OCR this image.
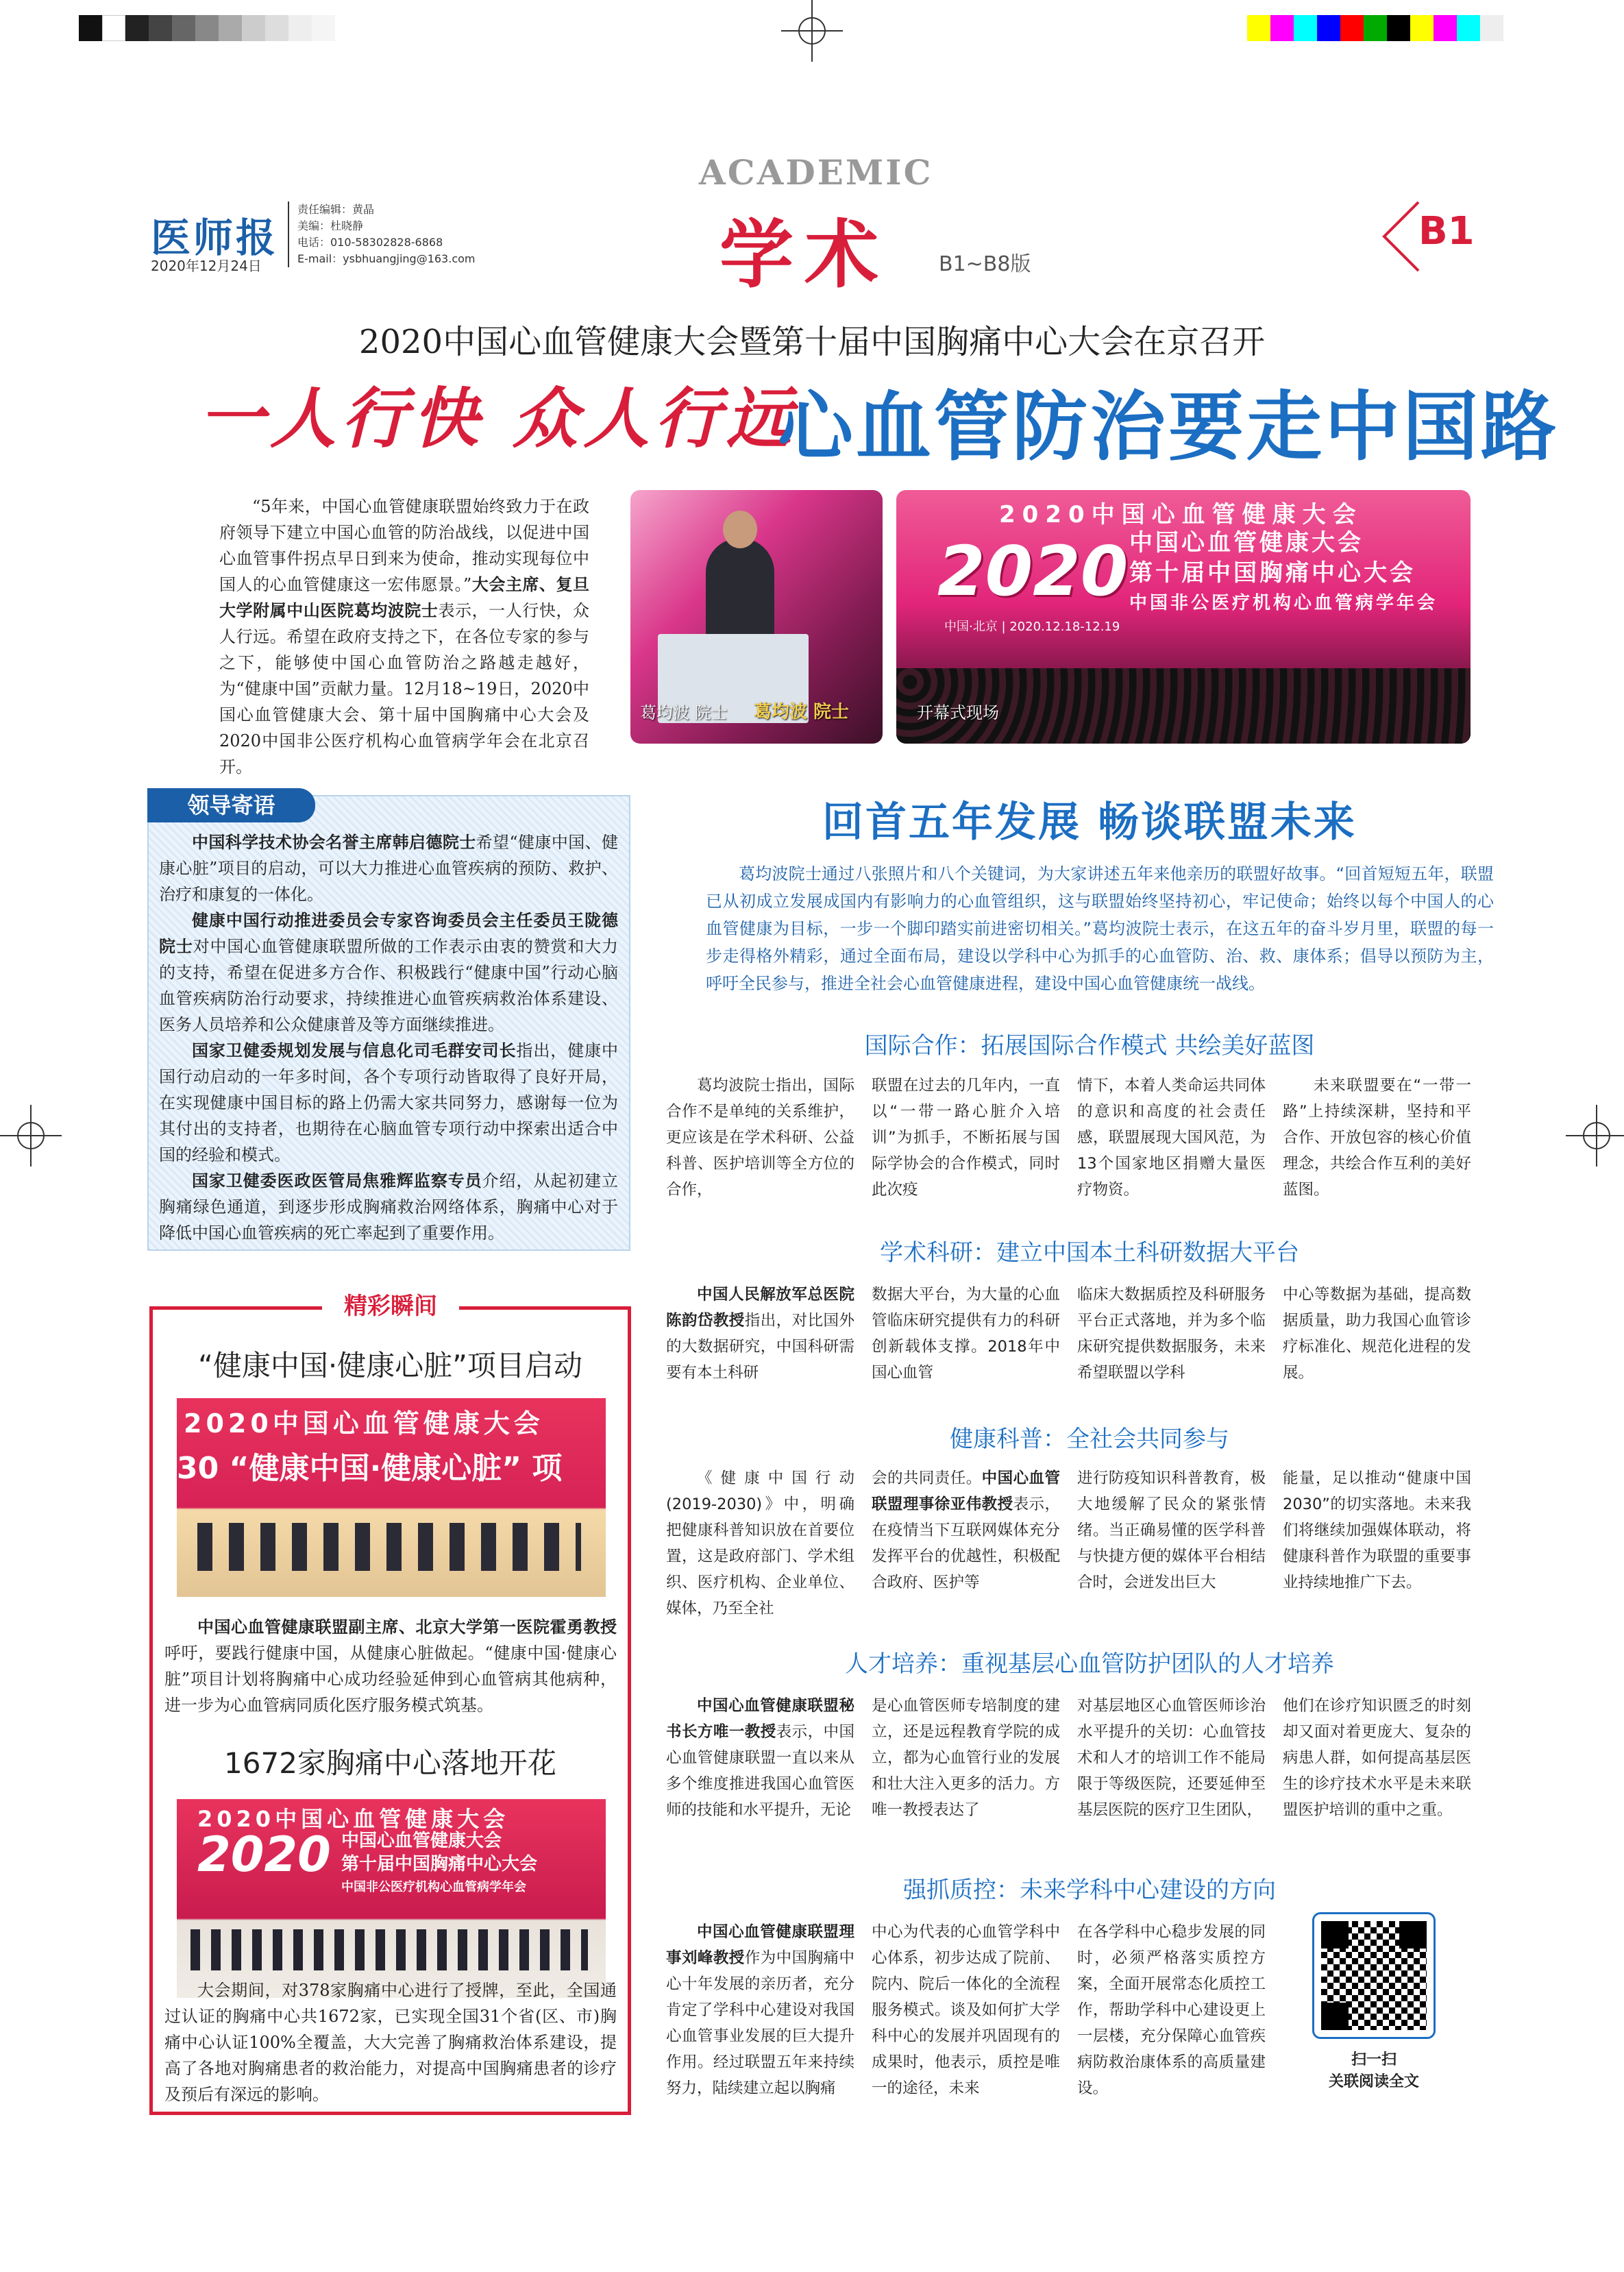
医师报
2020年12月24日
责任编辑：黄晶
美编：杜晓静
电话：010-58302828-6868
E-mail：ysbhuangjing@163.com
ACADEMIC
学术 B1~B8版
B1
2020中国心血管健康大会暨第十届中国胸痛中心大会在京召开
一人行快 众人行远
心血管防治要走中国路
“5年来，中国心血管健康联盟始终致力于在政府领导下建立中国心血管的防治战线，以促进中国心血管事件拐点早日到来为使命，推动实现每位中国人的心血管健康这一宏伟愿景。”大会主席、复旦大学附属中山医院葛均波院士表示，一人行快，众人行远。希望在政府支持之下，在各位专家的参与之下，能够使中国心血管防治之路越走越好，为“健康中国”贡献力量。12月18~19日，2020中国心血管健康大会、第十届中国胸痛中心大会及2020中国非公医疗机构心血管病学年会在北京召开。
葛均波 院士 葛均波 院士
2020中国心血管健康大会
2020 中国心血管健康大会
第十届中国胸痛中心大会
中国非公医疗机构心血管病学年会
中国·北京 | 2020.12.18-12.19
开幕式现场
领导寄语

中国科学技术协会名誉主席韩启德院士希望“健康中国、健康心脏”项目的启动，可以大力推进心血管疾病的预防、救护、治疗和康复的一体化。

健康中国行动推进委员会专家咨询委员会主任委员王陇德院士对中国心血管健康联盟所做的工作表示由衷的赞赏和大力的支持，希望在促进多方合作、积极践行“健康中国”行动心脑血管疾病防治行动要求，持续推进心血管疾病救治体系建设、医务人员培养和公众健康普及等方面继续推进。

国家卫健委规划发展与信息化司毛群安司长指出，健康中国行动启动的一年多时间，各个专项行动皆取得了良好开局，在实现健康中国目标的路上仍需大家共同努力，感谢每一位为其付出的支持者，也期待在心脑血管专项行动中探索出适合中国的经验和模式。

国家卫健委医政医管局焦雅辉监察专员介绍，从起初建立胸痛绿色通道，到逐步形成胸痛救治网络体系，胸痛中心对于降低中国心血管疾病的死亡率起到了重要作用。

精彩瞬间
“健康中国·健康心脏”项目启动
2020中国心血管健康大会
30 “健康中国·健康心脏” 项
中国心血管健康联盟副主席、北京大学第一医院霍勇教授呼吁，要践行健康中国，从健康心脏做起。“健康中国·健康心脏”项目计划将胸痛中心成功经验延伸到心血管病其他病种，进一步为心血管病同质化医疗服务模式筑基。
1672家胸痛中心落地开花
2020中国心血管健康大会
2020 中国心血管健康大会
第十届中国胸痛中心大会
中国非公医疗机构心血管病学年会
大会期间，对378家胸痛中心进行了授牌，至此，全国通过认证的胸痛中心共1672家，已实现全国31个省(区、市)胸痛中心认证100%全覆盖，大大完善了胸痛救治体系建设，提高了各地对胸痛患者的救治能力，对提高中国胸痛患者的诊疗及预后有深远的影响。
回首五年发展 畅谈联盟未来
葛均波院士通过八张照片和八个关键词，为大家讲述五年来他亲历的联盟好故事。“回首短短五年，联盟已从初成立发展成国内有影响力的心血管组织，这与联盟始终坚持初心，牢记使命；始终以每个中国人的心血管健康为目标，一步一个脚印踏实前进密切相关。”葛均波院士表示，在这五年的奋斗岁月里，联盟的每一步走得格外精彩，通过全面布局，建设以学科中心为抓手的心血管防、治、救、康体系；倡导以预防为主，呼吁全民参与，推进全社会心血管健康进程，建设中国心血管健康统一战线。
国际合作：拓展国际合作模式 共绘美好蓝图
葛均波院士指出，国际合作不是单纯的关系维护，更应该是在学术科研、公益科普、医护培训等全方位的合作，
联盟在过去的几年内，一直以“一带一路心脏介入培训”为抓手，不断拓展与国际学协会的合作模式，同时此次疫
情下，本着人类命运共同体的意识和高度的社会责任感，联盟展现大国风范，为13个国家地区捐赠大量医疗物资。
未来联盟要在“一带一路”上持续深耕，坚持和平合作、开放包容的核心价值理念，共绘合作互利的美好蓝图。
学术科研：建立中国本土科研数据大平台
中国人民解放军总医院陈韵岱教授指出，对比国外的大数据研究，中国科研需要有本土科研
数据大平台，为大量的心血管临床研究提供有力的科研创新载体支撑。2018年中国心血管
临床大数据质控及科研服务平台正式落地，并为多个临床研究提供数据服务，未来希望联盟以学科
中心等数据为基础，提高数据质量，助力我国心血管诊疗标准化、规范化进程的发展。
健康科普：全社会共同参与
《健康中国行动(2019-2030)》中，明确把健康科普知识放在首要位置，这是政府部门、学术组织、医疗机构、企业单位、媒体，乃至全社
会的共同责任。中国心血管联盟理事徐亚伟教授表示，在疫情当下互联网媒体充分发挥平台的优越性，积极配合政府、医护等
进行防疫知识科普教育，极大地缓解了民众的紧张情绪。当正确易懂的医学科普与快捷方便的媒体平台相结合时，会迸发出巨大
能量，足以推动“健康中国2030”的切实落地。未来我们将继续加强媒体联动，将健康科普作为联盟的重要事业持续地推广下去。
人才培养：重视基层心血管防护团队的人才培养
中国心血管健康联盟秘书长方唯一教授表示，中国心血管健康联盟一直以来从多个维度推进我国心血管医师的技能和水平提升，无论
是心血管医师专培制度的建立，还是远程教育学院的成立，都为心血管行业的发展和壮大注入更多的活力。方唯一教授表达了
对基层地区心血管医师诊治水平提升的关切：心血管技术和人才的培训工作不能局限于等级医院，还要延伸至基层医院的医疗卫生团队，
他们在诊疗知识匮乏的时刻却又面对着更庞大、复杂的病患人群，如何提高基层医生的诊疗技术水平是未来联盟医护培训的重中之重。
强抓质控：未来学科中心建设的方向
中国心血管健康联盟理事刘峰教授作为中国胸痛中心十年发展的亲历者，充分肯定了学科中心建设对我国心血管事业发展的巨大提升作用。经过联盟五年来持续努力，陆续建立起以胸痛
中心为代表的心血管学科中心体系，初步达成了院前、院内、院后一体化的全流程服务模式。谈及如何扩大学科中心的发展并巩固现有的成果时，他表示，质控是唯一的途径，未来
在各学科中心稳步发展的同时，必须严格落实质控方案，全面开展常态化质控工作，帮助学科中心建设更上一层楼，充分保障心血管疾病防救治康体系的高质量建设。
扫一扫
关联阅读全文
